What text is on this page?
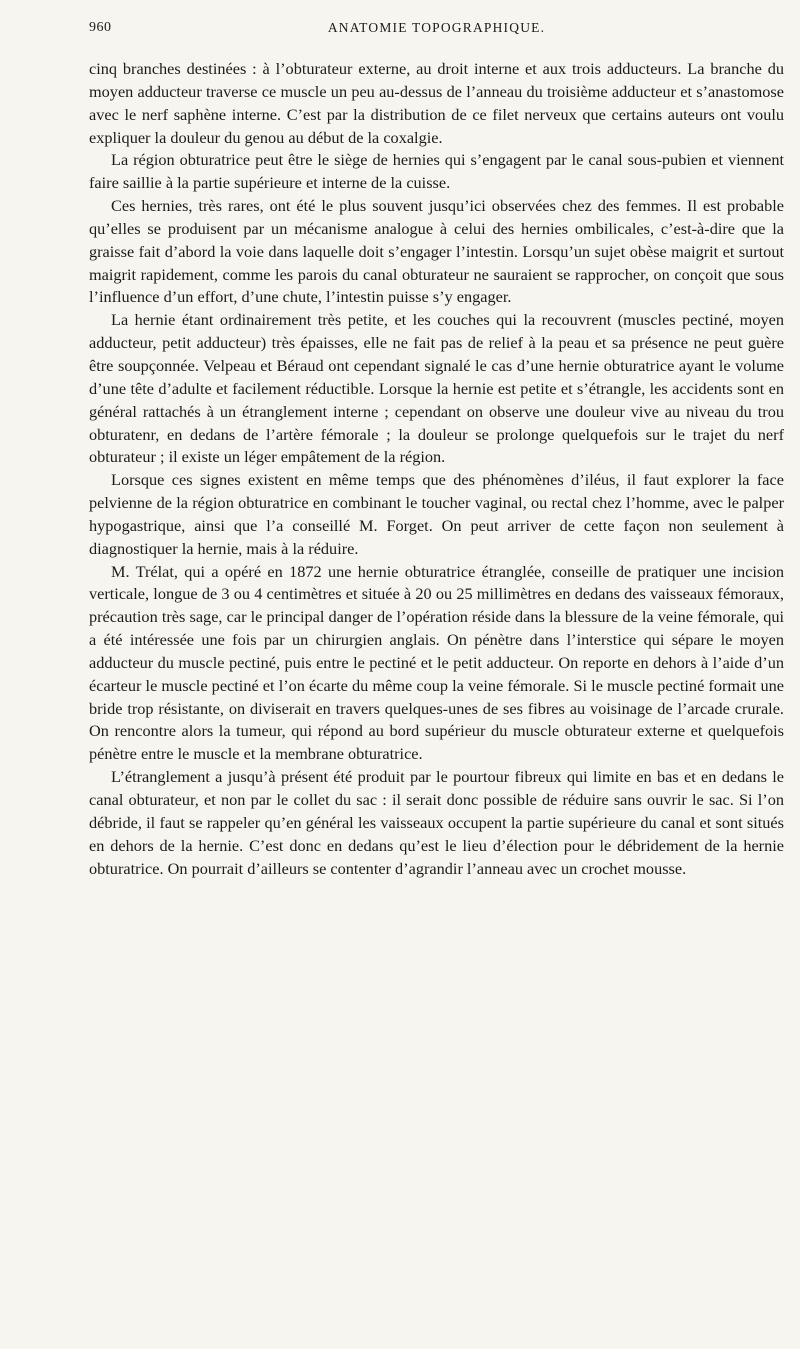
960	ANATOMIE TOPOGRAPHIQUE.

cinq branches destinées : à l’obturateur externe, au droit interne et aux trois adducteurs. La branche du moyen adducteur traverse ce muscle un peu au-dessus de l’anneau du troisième adducteur et s’anastomose avec le nerf saphène interne. C’est par la distribution de ce filet nerveux que certains auteurs ont voulu expliquer la douleur du genou au début de la coxalgie.

La région obturatrice peut être le siège de hernies qui s’engagent par le canal sous-pubien et viennent faire saillie à la partie supérieure et interne de la cuisse.

Ces hernies, très rares, ont été le plus souvent jusqu’ici observées chez des femmes. Il est probable qu’elles se produisent par un mécanisme analogue à celui des hernies ombilicales, c’est-à-dire que la graisse fait d’abord la voie dans laquelle doit s’engager l’intestin. Lorsqu’un sujet obèse maigrit et surtout maigrit rapidement, comme les parois du canal obturateur ne sauraient se rapprocher, on conçoit que sous l’influence d’un effort, d’une chute, l’intestin puisse s’y engager.

La hernie étant ordinairement très petite, et les couches qui la recouvrent (muscles pectiné, moyen adducteur, petit adducteur) très épaisses, elle ne fait pas de relief à la peau et sa présence ne peut guère être soupçonnée. Velpeau et Béraud ont cependant signalé le cas d’une hernie obturatrice ayant le volume d’une tête d’adulte et facilement réductible. Lorsque la hernie est petite et s’étrangle, les accidents sont en général rattachés à un étranglement interne ; cependant on observe une douleur vive au niveau du trou obturatenr, en dedans de l’artère fémorale ; la douleur se prolonge quelquefois sur le trajet du nerf obturateur ; il existe un léger empâtement de la région.

Lorsque ces signes existent en même temps que des phénomènes d’iléus, il faut explorer la face pelvienne de la région obturatrice en combinant le toucher vaginal, ou rectal chez l’homme, avec le palper hypogastrique, ainsi que l’a conseillé M. Forget. On peut arriver de cette façon non seulement à diagnostiquer la hernie, mais à la réduire.

M. Trélat, qui a opéré en 1872 une hernie obturatrice étranglée, conseille de pratiquer une incision verticale, longue de 3 ou 4 centimètres et située à 20 ou 25 millimètres en dedans des vaisseaux fémoraux, précaution très sage, car le principal danger de l’opération réside dans la blessure de la veine fémorale, qui a été intéressée une fois par un chirurgien anglais. On pénètre dans l’interstice qui sépare le moyen adducteur du muscle pectiné, puis entre le pectiné et le petit adducteur. On reporte en dehors à l’aide d’un écarteur le muscle pectiné et l’on écarte du même coup la veine fémorale. Si le muscle pectiné formait une bride trop résistante, on diviserait en travers quelques-unes de ses fibres au voisinage de l’arcade crurale. On rencontre alors la tumeur, qui répond au bord supérieur du muscle obturateur externe et quelquefois pénètre entre le muscle et la membrane obturatrice.

L’étranglement a jusqu’à présent été produit par le pourtour fibreux qui limite en bas et en dedans le canal obturateur, et non par le collet du sac : il serait donc possible de réduire sans ouvrir le sac. Si l’on débride, il faut se rappeler qu’en général les vaisseaux occupent la partie supérieure du canal et sont situés en dehors de la hernie. C’est donc en dedans qu’est le lieu d’élection pour le débridement de la hernie obturatrice. On pourrait d’ailleurs se contenter d’agrandir l’anneau avec un crochet mousse.
